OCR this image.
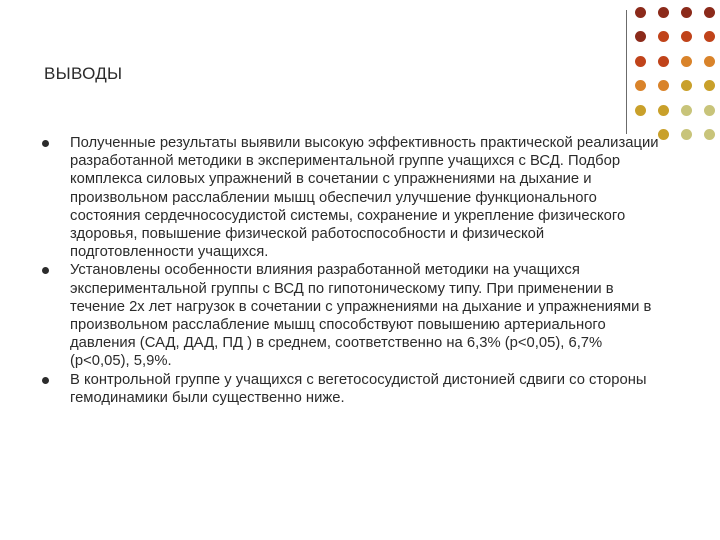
ВЫВОДЫ
Полученные результаты выявили высокую эффективность практической реализации разработанной методики в экспериментальной группе учащихся с ВСД. Подбор комплекса силовых упражнений в сочетании с упражнениями на дыхание и произвольном расслаблении мышц обеспечил улучшение функционального состояния сердечнососудистой системы, сохранение и укрепление физического здоровья, повышение физической работоспособности и физической подготовленности учащихся.
Установлены особенности влияния разработанной методики на учащихся экспериментальной группы с ВСД по гипотоническому типу. При применении в течение 2х лет нагрузок в сочетании с упражнениями на дыхание и упражнениями в произвольном расслабление мышц способствуют повышению артериального давления (САД, ДАД, ПД ) в среднем, соответственно на 6,3% (р<0,05), 6,7% (р<0,05), 5,9%.
В контрольной группе у учащихся с вегетососудистой дистонией сдвиги со стороны гемодинамики были существенно ниже.
